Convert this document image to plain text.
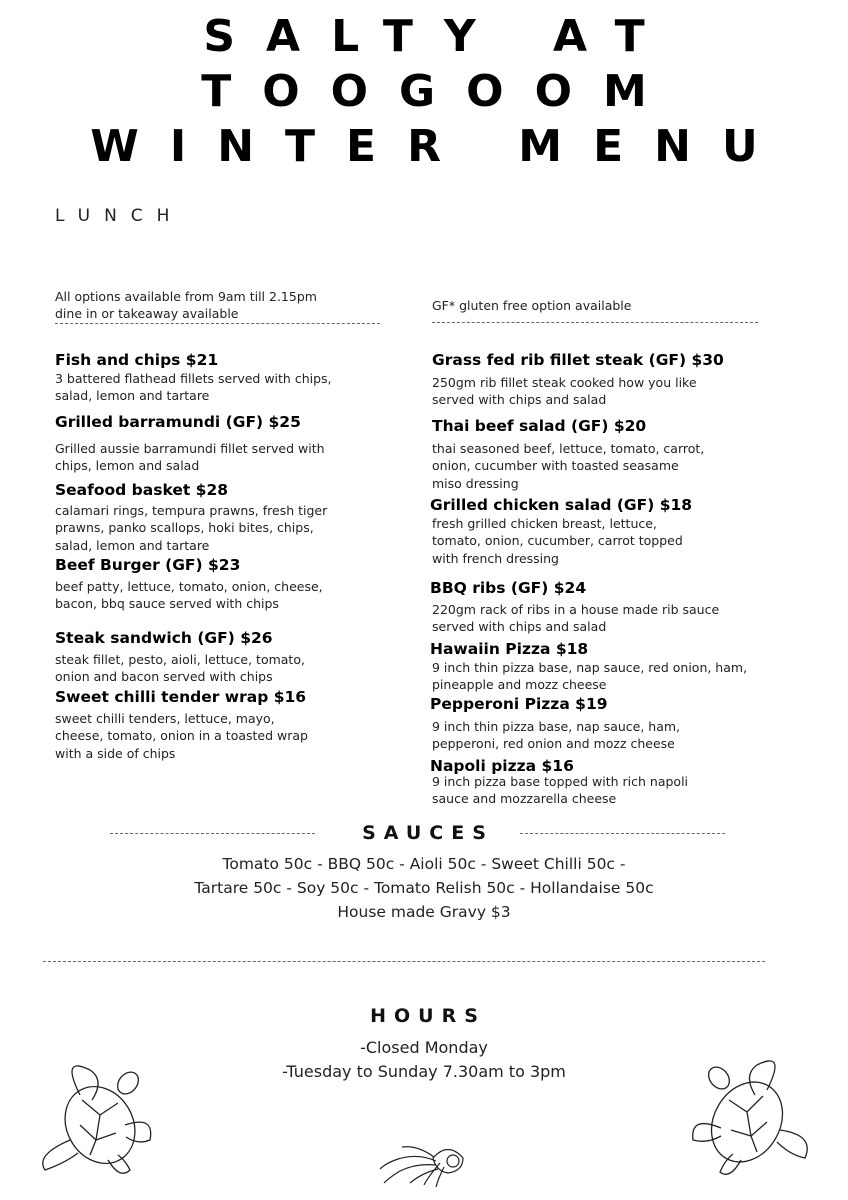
SALTY AT
TOOGOOM
WINTER MENU
LUNCH
All options available from 9am till 2.15pm
dine in or takeaway available
GF* gluten free option available
Fish and chips $21
3 battered flathead fillets served with chips, salad, lemon and tartare
Grilled barramundi (GF) $25
Grilled aussie barramundi fillet served with chips, lemon and salad
Seafood basket $28
calamari rings, tempura prawns, fresh tiger prawns, panko scallops, hoki bites, chips, salad, lemon and tartare
Beef Burger (GF) $23
beef patty, lettuce, tomato, onion, cheese, bacon, bbq sauce served with chips
Steak sandwich (GF) $26
steak fillet, pesto, aioli, lettuce, tomato, onion and bacon served with chips
Sweet chilli tender wrap $16
sweet chilli tenders, lettuce, mayo, cheese, tomato, onion in a toasted wrap with a side of chips
Grass fed rib fillet steak (GF) $30
250gm rib fillet steak cooked how you like served with chips and salad
Thai beef salad (GF) $20
thai seasoned beef, lettuce, tomato, carrot, onion, cucumber with toasted seasame miso dressing
Grilled chicken salad (GF) $18
fresh grilled chicken breast, lettuce, tomato, onion, cucumber, carrot topped with french dressing
BBQ ribs (GF) $24
220gm rack of ribs in a house made rib sauce served with chips and salad
Hawaiin Pizza $18
9 inch thin pizza base, nap sauce, red onion, ham, pineapple and mozz cheese
Pepperoni Pizza $19
9 inch thin pizza base, nap sauce, ham, pepperoni, red onion and mozz cheese
Napoli pizza $16
9 inch pizza base topped with rich napoli sauce and mozzarella cheese
SAUCES
Tomato 50c - BBQ 50c - Aioli 50c - Sweet Chilli 50c -
Tartare 50c - Soy 50c - Tomato Relish 50c - Hollandaise 50c
House made Gravy $3
HOURS
-Closed Monday
-Tuesday to Sunday 7.30am to 3pm
